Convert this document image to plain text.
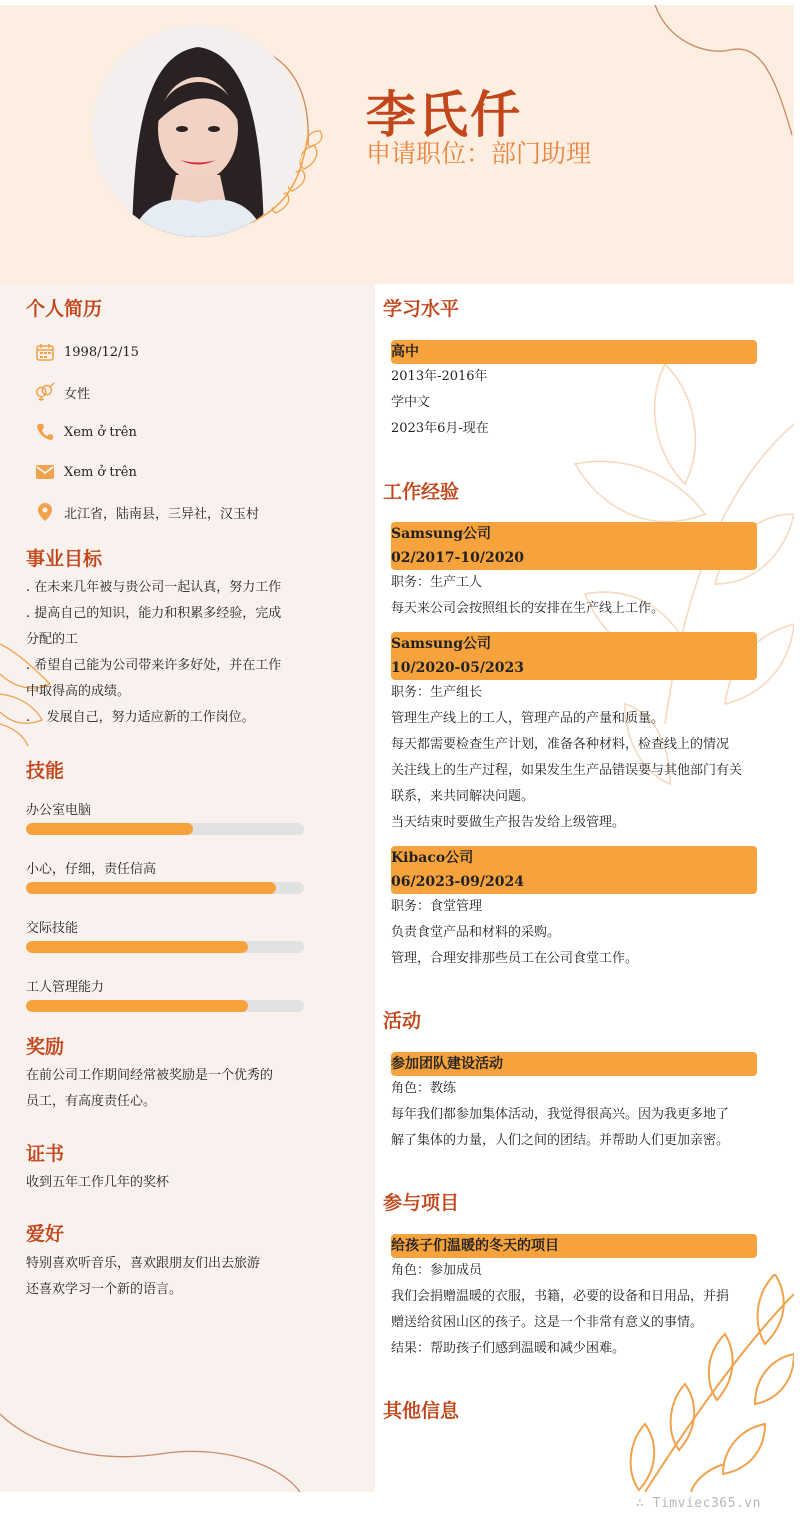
李氏仟
申请职位：部门助理
个人简历
1998/12/15
女性
Xem ở trên
Xem ở trên
北江省，陆南县，三异社，汉玉村
事业目标
. 在未来几年被与贵公司一起认真，努力工作
. 提高自己的知识，能力和积累多经验，完成
分配的工
. 希望自己能为公司带来许多好处，并在工作
中取得高的成绩。
.    发展自己，努力适应新的工作岗位。
技能
办公室电脑
小心，仔细，责任信高
交际技能
工人管理能力
奖励
在前公司工作期间经常被奖励是一个优秀的
员工，有高度责任心。
证书
收到五年工作几年的奖杯
爱好
特别喜欢听音乐，喜欢跟朋友们出去旅游
还喜欢学习一个新的语言。
学习水平
高中
2013年-2016年
学中文
2023年6月-现在
工作经验
Samsung公司
02/2017-10/2020
职务：生产工人
每天来公司会按照组长的安排在生产线上工作。
Samsung公司
10/2020-05/2023
职务：生产组长
管理生产线上的工人，管理产品的产量和质量。
每天都需要检查生产计划，准备各种材料，检查线上的情况
关注线上的生产过程，如果发生生产品错误要与其他部门有关
联系，来共同解决问题。
当天结束时要做生产报告发给上级管理。
Kibaco公司
06/2023-09/2024
职务：食堂管理
负责食堂产品和材料的采购。
管理，合理安排那些员工在公司食堂工作。
活动
参加团队建设活动
角色：教练
每年我们都参加集体活动，我觉得很高兴。因为我更多地了
解了集体的力量，人们之间的团结。并帮助人们更加亲密。
参与项目
给孩子们温暖的冬天的项目
角色：参加成员
我们会捐赠温暖的衣服，书籍，必要的设备和日用品，并捐
赠送给贫困山区的孩子。这是一个非常有意义的事情。
结果：帮助孩子们感到温暖和减少困难。
其他信息
∴ Timviec365.vn
